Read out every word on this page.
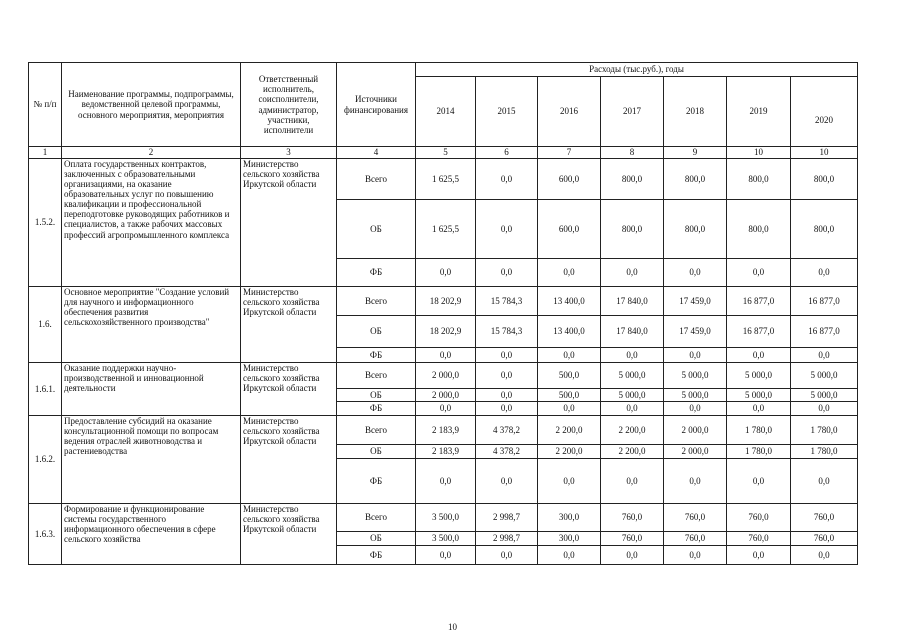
№ п/п	Наименование программы, подпрограммы, ведомственной целевой программы, основного мероприятия, мероприятия	Ответственный исполнитель, соисполнители, администратор, участники, исполнители	Источники финансирования	Расходы (тыс.руб.), годы						
				2014	2015	2016	2017	2018	2019	2020
1	2	3	4	5	6	7	8	9	10	10
1.5.2.	Оплата государственных контрактов, заключенных с образовательными организациями, на оказание образовательных услуг по повышению квалификации и профессиональной переподготовке руководящих работников и специалистов, а также рабочих массовых профессий агропромышленного комплекса	Министерство сельского хозяйства Иркутской области	Всего	1 625,5	0,0	600,0	800,0	800,0	800,0	800,0
			ОБ	1 625,5	0,0	600,0	800,0	800,0	800,0	800,0
			ФБ	0,0	0,0	0,0	0,0	0,0	0,0	0,0
1.6.	Основное мероприятие "Создание условий для научного и информационного обеспечения развития сельскохозяйственного производства"	Министерство сельского хозяйства Иркутской области	Всего	18 202,9	15 784,3	13 400,0	17 840,0	17 459,0	16 877,0	16 877,0
			ОБ	18 202,9	15 784,3	13 400,0	17 840,0	17 459,0	16 877,0	16 877,0
			ФБ	0,0	0,0	0,0	0,0	0,0	0,0	0,0
1.6.1.	Оказание поддержки научно-производственной и инновационной деятельности	Министерство сельского хозяйства Иркутской области	Всего	2 000,0	0,0	500,0	5 000,0	5 000,0	5 000,0	5 000,0
			ОБ	2 000,0	0,0	500,0	5 000,0	5 000,0	5 000,0	5 000,0
			ФБ	0,0	0,0	0,0	0,0	0,0	0,0	0,0
1.6.2.	Предоставление субсидий на оказание консультационной помощи по вопросам ведения отраслей животноводства и растениеводства	Министерство сельского хозяйства Иркутской области	Всего	2 183,9	4 378,2	2 200,0	2 200,0	2 000,0	1 780,0	1 780,0
			ОБ	2 183,9	4 378,2	2 200,0	2 200,0	2 000,0	1 780,0	1 780,0
			ФБ	0,0	0,0	0,0	0,0	0,0	0,0	0,0
1.6.3.	Формирование и функционирование системы государственного информационного обеспечения в сфере сельского хозяйства	Министерство сельского хозяйства Иркутской области	Всего	3 500,0	2 998,7	300,0	760,0	760,0	760,0	760,0
			ОБ	3 500,0	2 998,7	300,0	760,0	760,0	760,0	760,0
			ФБ	0,0	0,0	0,0	0,0	0,0	0,0	0,0
10
